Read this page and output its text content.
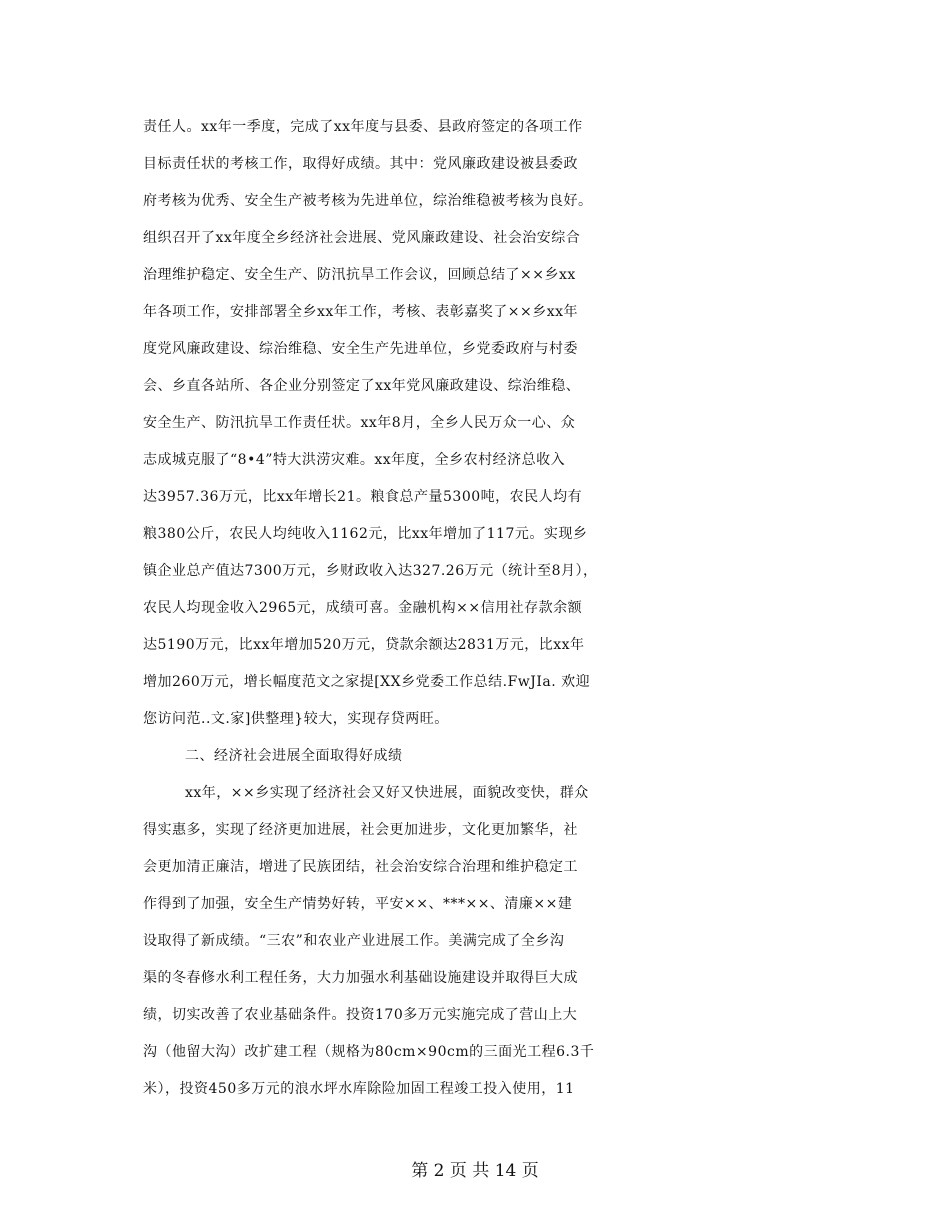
责任人。xx年一季度，完成了xx年度与县委、县政府签定的各项工作
目标责任状的考核工作，取得好成绩。其中：党风廉政建设被县委政
府考核为优秀、安全生产被考核为先进单位，综治维稳被考核为良好。
组织召开了xx年度全乡经济社会进展、党风廉政建设、社会治安综合
治理维护稳定、安全生产、防汛抗旱工作会议，回顾总结了××乡xx
年各项工作，安排部署全乡xx年工作，考核、表彰嘉奖了××乡xx年
度党风廉政建设、综治维稳、安全生产先进单位，乡党委政府与村委
会、乡直各站所、各企业分别签定了xx年党风廉政建设、综治维稳、
安全生产、防汛抗旱工作责任状。xx年8月，全乡人民万众一心、众
志成城克服了“8•4”特大洪涝灾难。xx年度，全乡农村经济总收入
达3957.36万元，比xx年增长21。粮食总产量5300吨，农民人均有
粮380公斤，农民人均纯收入1162元，比xx年增加了117元。实现乡
镇企业总产值达7300万元，乡财政收入达327.26万元（统计至8月），
农民人均现金收入2965元，成绩可喜。金融机构××信用社存款余额
达5190万元，比xx年增加520万元，贷款余额达2831万元，比xx年
增加260万元，增长幅度范文之家提[XX乡党委工作总结.FwJIa. 欢迎
您访问范..文.家]供整理}较大，实现存贷两旺。
二、经济社会进展全面取得好成绩
xx年，××乡实现了经济社会又好又快进展，面貌改变快，群众
得实惠多，实现了经济更加进展，社会更加进步，文化更加繁华，社
会更加清正廉洁，增进了民族团结，社会治安综合治理和维护稳定工
作得到了加强，安全生产情势好转，平安××、***××、清廉××建
设取得了新成绩。“三农”和农业产业进展工作。美满完成了全乡沟
渠的冬春修水利工程任务，大力加强水利基础设施建设并取得巨大成
绩，切实改善了农业基础条件。投资170多万元实施完成了营山上大
沟（他留大沟）改扩建工程（规格为80cm×90cm的三面光工程6.3千
米），投资450多万元的浪水坪水库除险加固工程竣工投入使用，11
第 2 页 共 14 页
